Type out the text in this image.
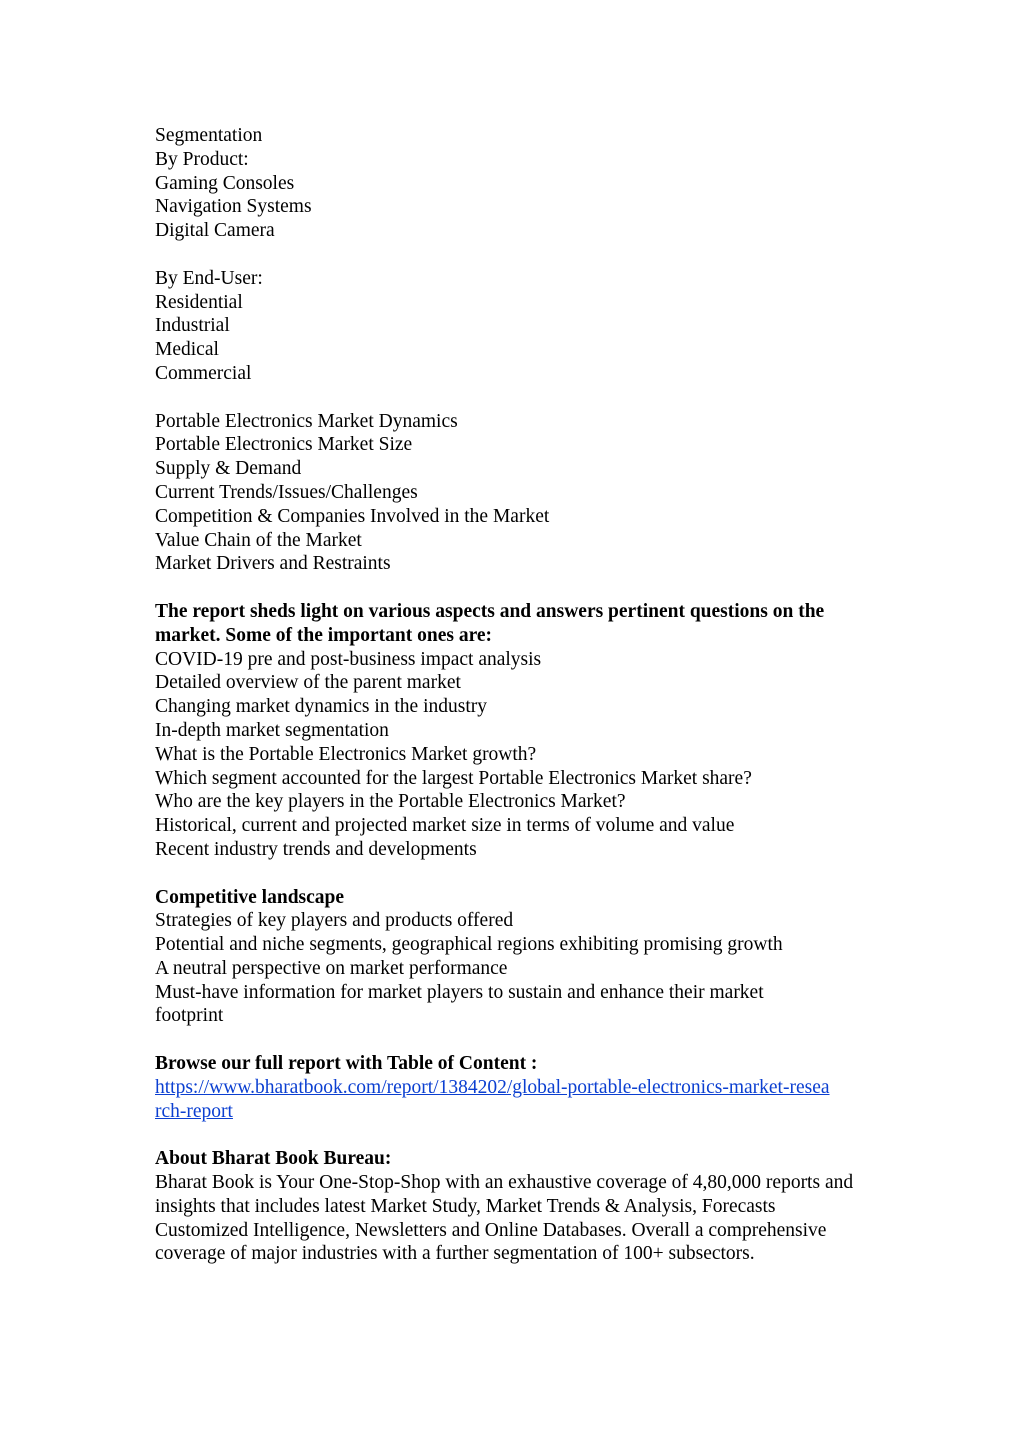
Segmentation
By Product:
Gaming Consoles
Navigation Systems
Digital Camera
By End-User:
Residential
Industrial
Medical
Commercial
Portable Electronics Market Dynamics
Portable Electronics Market Size
Supply & Demand
Current Trends/Issues/Challenges
Competition & Companies Involved in the Market
Value Chain of the Market
Market Drivers and Restraints
The report sheds light on various aspects and answers pertinent questions on the market. Some of the important ones are:
COVID-19 pre and post-business impact analysis
Detailed overview of the parent market
Changing market dynamics in the industry
In-depth market segmentation
What is the Portable Electronics Market growth?
Which segment accounted for the largest Portable Electronics Market share?
Who are the key players in the Portable Electronics Market?
Historical, current and projected market size in terms of volume and value
Recent industry trends and developments
Competitive landscape
Strategies of key players and products offered
Potential and niche segments, geographical regions exhibiting promising growth
A neutral perspective on market performance
Must-have information for market players to sustain and enhance their market footprint
Browse our full report with Table of Content :
https://www.bharatbook.com/report/1384202/global-portable-electronics-market-research-report
About Bharat Book Bureau:
Bharat Book is Your One-Stop-Shop with an exhaustive coverage of 4,80,000 reports and insights that includes latest Market Study, Market Trends & Analysis, Forecasts Customized Intelligence, Newsletters and Online Databases. Overall a comprehensive coverage of major industries with a further segmentation of 100+ subsectors.
